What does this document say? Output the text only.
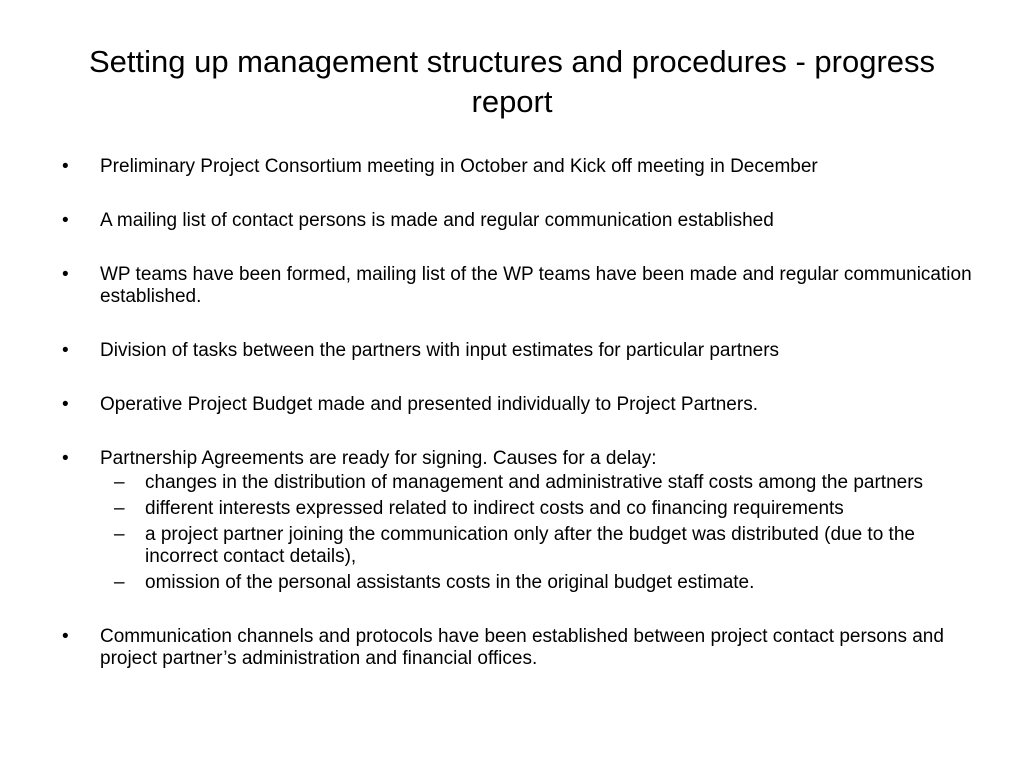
Setting up management structures and procedures - progress report
•	Preliminary Project Consortium meeting in October and Kick off meeting in December
•	A mailing list of contact persons is made and regular communication established
•	WP teams have been formed, mailing list of the WP teams have been made and regular communication established.
•	Division of tasks between the partners with input estimates for particular partners
•	Operative Project Budget made and presented individually to Project Partners.
•	Partnership Agreements are ready for signing. Causes for a delay:
–	changes in the distribution of management and administrative staff costs among the partners
–	different interests expressed related to indirect costs and co financing requirements
–	a project partner joining the communication only after the budget was distributed (due to the incorrect contact details),
–	omission of the personal assistants costs in the original budget estimate.
•	Communication channels and protocols have been established between project contact persons and project partner’s administration and financial offices.
